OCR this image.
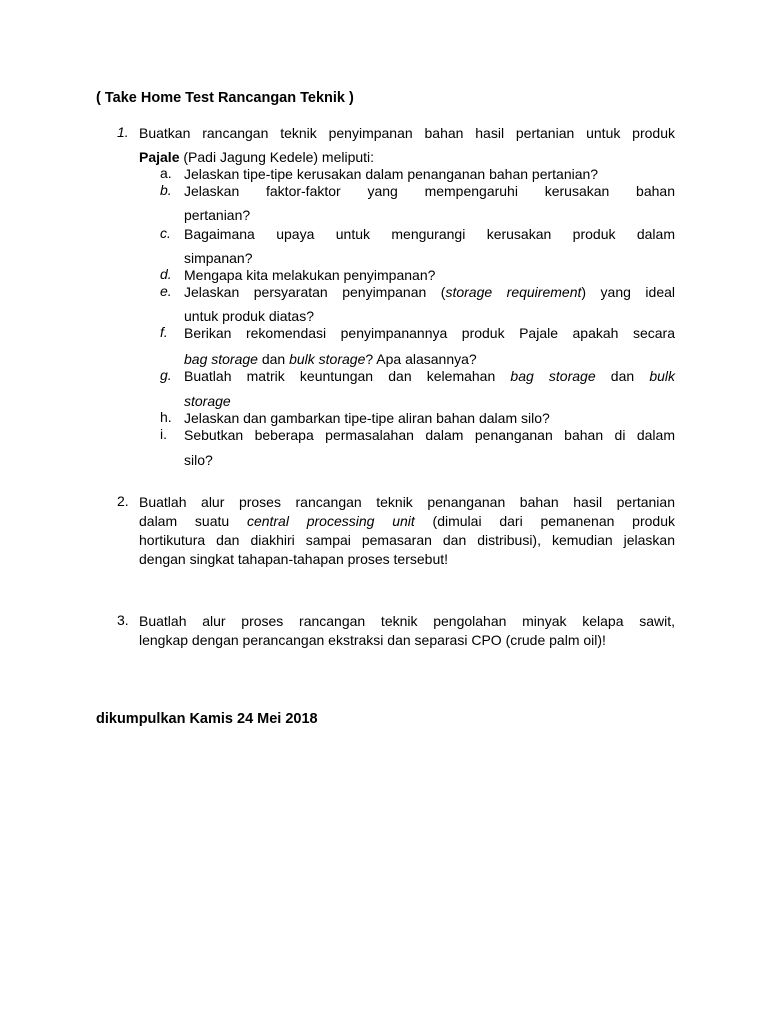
( Take Home Test Rancangan Teknik )
1. Buatkan rancangan teknik penyimpanan bahan hasil pertanian untuk produk
Pajale (Padi Jagung Kedele) meliputi:
a. Jelaskan tipe-tipe kerusakan dalam penanganan bahan pertanian?
b. Jelaskan faktor-faktor yang mempengaruhi kerusakan bahan
pertanian?
c. Bagaimana upaya untuk mengurangi kerusakan produk dalam
simpanan?
d. Mengapa kita melakukan penyimpanan?
e. Jelaskan persyaratan penyimpanan (storage requirement) yang ideal
untuk produk diatas?
f. Berikan rekomendasi penyimpanannya produk Pajale apakah secara
bag storage dan bulk storage? Apa alasannya?
g. Buatlah matrik keuntungan dan kelemahan bag storage dan bulk
storage
h. Jelaskan dan gambarkan tipe-tipe aliran bahan dalam silo?
i. Sebutkan beberapa permasalahan dalam penanganan bahan di dalam
silo?
2. Buatlah alur proses rancangan teknik penanganan bahan hasil pertanian
dalam suatu central processing unit (dimulai dari pemanenan produk
hortikutura dan diakhiri sampai pemasaran dan distribusi), kemudian jelaskan
dengan singkat tahapan-tahapan proses tersebut!
3. Buatlah alur proses rancangan teknik pengolahan minyak kelapa sawit,
lengkap dengan perancangan ekstraksi dan separasi CPO (crude palm oil)!
dikumpulkan Kamis 24 Mei 2018
